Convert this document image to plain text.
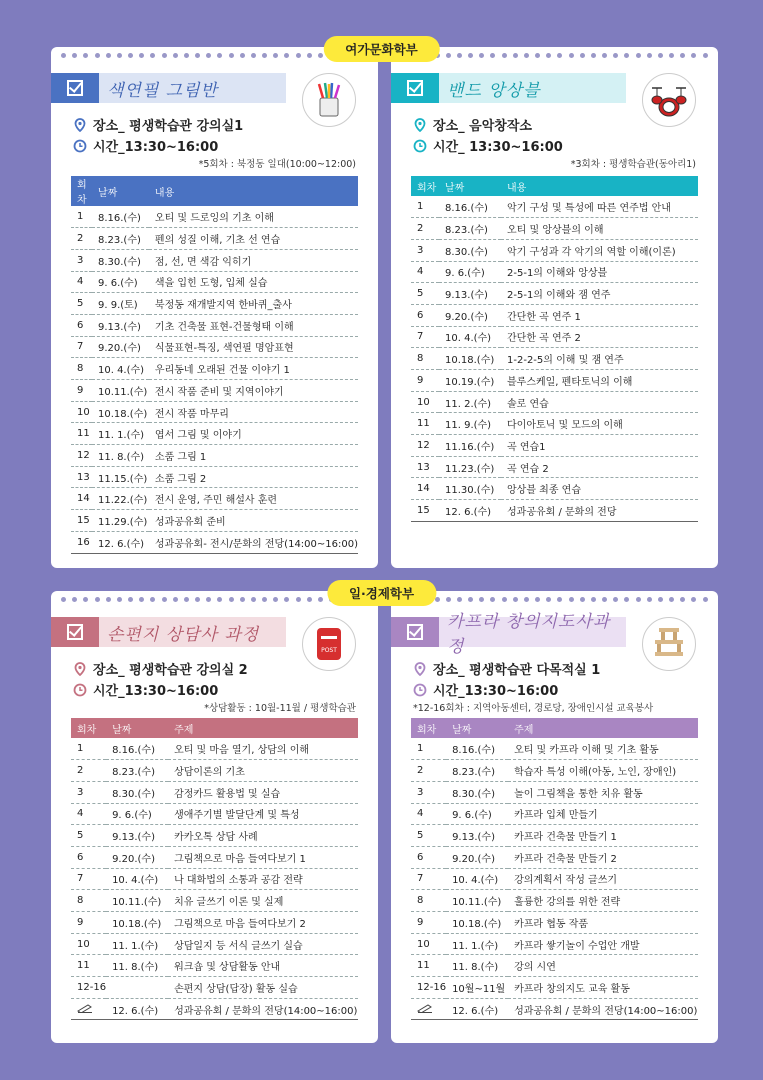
여가문화학부
일·경제학부
색연필 그림반
장소_ 평생학습관 강의실1
시간_13:30~16:00
*5회차 : 북정동 일대(10:00~12:00)
회차	날짜	내용
1	8.16.(수)	오티 및 드로잉의 기초 이해
2	8.23.(수)	펜의 성질 이해, 기초 선 연습
3	8.30.(수)	점, 선, 면 색감 익히기
4	9. 6.(수)	색을 입힌 도형, 입체 실습
5	9. 9.(토)	북정동 재개발지역 한바퀴_출사
6	9.13.(수)	기초 건축물 표현-건물형태 이해
7	9.20.(수)	식물표현-특징, 색연필 명암표현
8	10. 4.(수)	우리동네 오래된 건물 이야기 1
9	10.11.(수)	전시 작품 준비 및 지역이야기
10	10.18.(수)	전시 작품 마무리
11	11. 1.(수)	엽서 그림 및 이야기
12	11. 8.(수)	소품 그림 1
13	11.15.(수)	소품 그림 2
14	11.22.(수)	전시 운영, 주민 해설사 훈련
15	11.29.(수)	성과공유회 준비
16	12. 6.(수)	성과공유회- 전시/문화의 전당(14:00~16:00)
밴드 앙상블
장소_ 음악창작소
시간_ 13:30~16:00
*3회차 : 평생학습관(동아리1)
회차	날짜	내용
1	8.16.(수)	악기 구성 및 특성에 따른 연주법 안내
2	8.23.(수)	오티 및 앙상블의 이해
3	8.30.(수)	악기 구성과 각 악기의 역할 이해(이론)
4	9. 6.(수)	2-5-1의 이해와 앙상블
5	9.13.(수)	2-5-1의 이해와 잼 연주
6	9.20.(수)	간단한 곡 연주 1
7	10. 4.(수)	간단한 곡 연주 2
8	10.18.(수)	1-2-2-5의 이해 및 잼 연주
9	10.19.(수)	블루스케일, 펜타토닉의 이해
10	11. 2.(수)	솔로 연습
11	11. 9.(수)	다이아토닉 및 모드의 이해
12	11.16.(수)	곡 연습1
13	11.23.(수)	곡 연습 2
14	11.30.(수)	앙상블 최종 연습
15	12. 6.(수)	성과공유회 / 문화의 전당
손편지 상담사 과정
POST
장소_ 평생학습관 강의실 2
시간_13:30~16:00
*상담활동 : 10월-11월 / 평생학습관
회차	날짜	주제
1	8.16.(수)	오티 및 마음 열기, 상담의 이해
2	8.23.(수)	상담이론의 기초
3	8.30.(수)	감정카드 활용법 및 실습
4	9. 6.(수)	생애주기별 발달단계 및 특성
5	9.13.(수)	카카오톡 상담 사례
6	9.20.(수)	그림책으로 마음 들여다보기 1
7	10. 4.(수)	나 대화법의 소통과 공감 전략
8	10.11.(수)	치유 글쓰기 이론 및 실제
9	10.18.(수)	그림책으로 마음 들여다보기 2
10	11. 1.(수)	상담일지 등 서식 글쓰기 실습
11	11. 8.(수)	워크숍 및 상담활동 안내
12-16		손편지 상담(답장) 활동 실습
	12. 6.(수)	성과공유회 / 문화의 전당(14:00~16:00)
카프라 창의지도사과정
장소_ 평생학습관 다목적실 1
시간_13:30~16:00
*12-16회차 : 지역아동센터, 경로당, 장애인시설 교육봉사
회차	날짜	주제
1	8.16.(수)	오티 및 카프라 이해 및 기초 활동
2	8.23.(수)	학습자 특성 이해(아동, 노인, 장애인)
3	8.30.(수)	놀이 그림책을 통한 치유 활동
4	9. 6.(수)	카프라 입체 만들기
5	9.13.(수)	카프라 건축물 만들기 1
6	9.20.(수)	카프라 건축물 만들기 2
7	10. 4.(수)	강의계획서 작성 글쓰기
8	10.11.(수)	훌륭한 강의를 위한 전략
9	10.18.(수)	카프라 협동 작품
10	11. 1.(수)	카프라 쌓기놀이 수업안 개발
11	11. 8.(수)	강의 시연
12-16	10월~11월	카프라 창의지도 교육 활동
	12. 6.(수)	성과공유회 / 문화의 전당(14:00~16:00)
